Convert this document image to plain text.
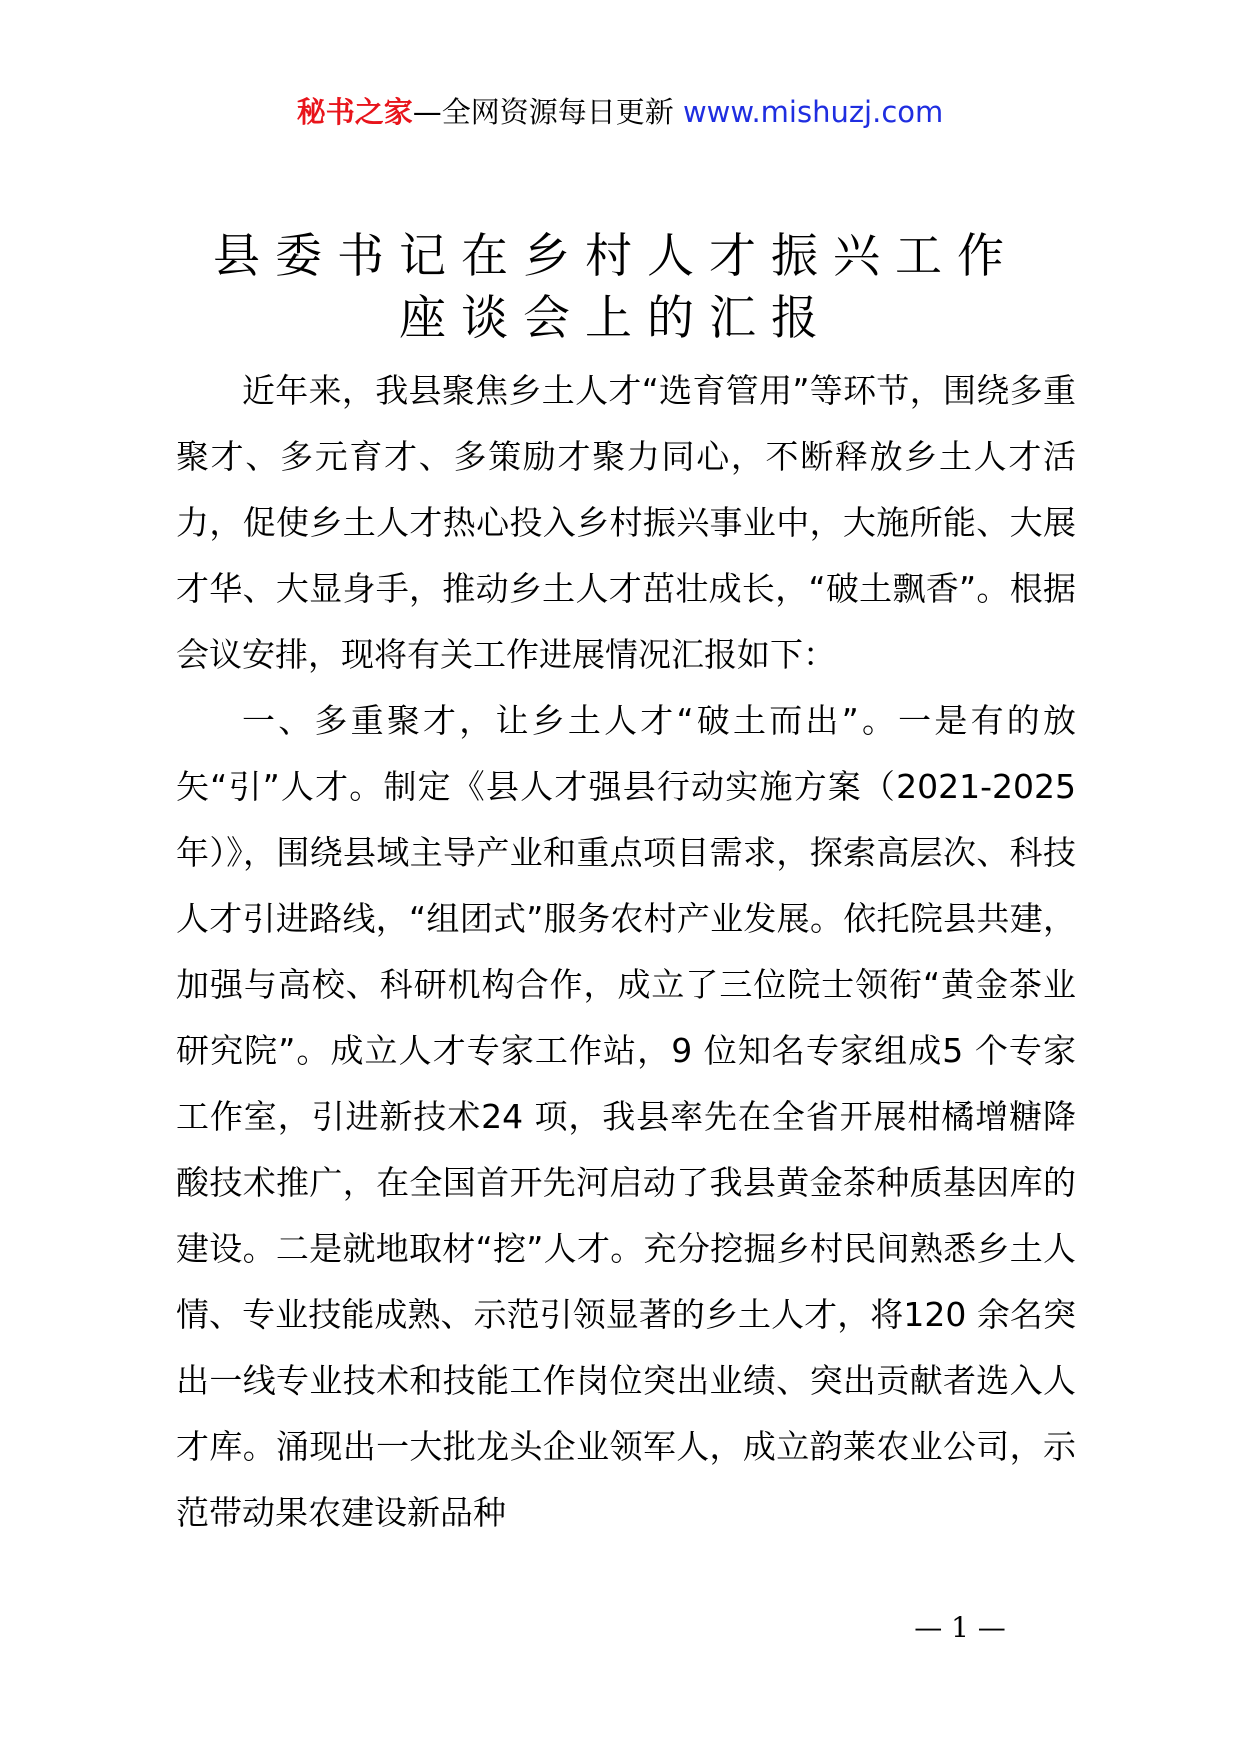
秘书之家—全网资源每日更新 www.mishuzj.com
县委书记在乡村人才振兴工作
座谈会上的汇报

近年来，我县聚焦乡土人才“选育管用”等环节，围绕多重聚才、多元育才、多策励才聚力同心，不断释放乡土人才活力，促使乡土人才热心投入乡村振兴事业中，大施所能、大展才华、大显身手，推动乡土人才茁壮成长，“破土飘香”。根据会议安排，现将有关工作进展情况汇报如下：

一、多重聚才，让乡土人才“破土而出”。一是有的放矢“引”人才。制定《县人才强县行动实施方案（2021-2025 年）》，围绕县域主导产业和重点项目需求，探索高层次、科技人才引进路线，“组团式”服务农村产业发展。依托院县共建，加强与高校、科研机构合作，成立了三位院士领衔“黄金茶业研究院”。成立人才专家工作站，9 位知名专家组成5 个专家工作室，引进新技术24 项，我县率先在全省开展柑橘增糖降酸技术推广，在全国首开先河启动了我县黄金茶种质基因库的建设。二是就地取材“挖”人才。充分挖掘乡村民间熟悉乡土人情、专业技能成熟、示范引领显著的乡土人才，将120 余名突出一线专业技术和技能工作岗位突出业绩、突出贡献者选入人才库。涌现出一大批龙头企业领军人，成立韵莱农业公司，示范带动果农建设新品种

— 1 —
